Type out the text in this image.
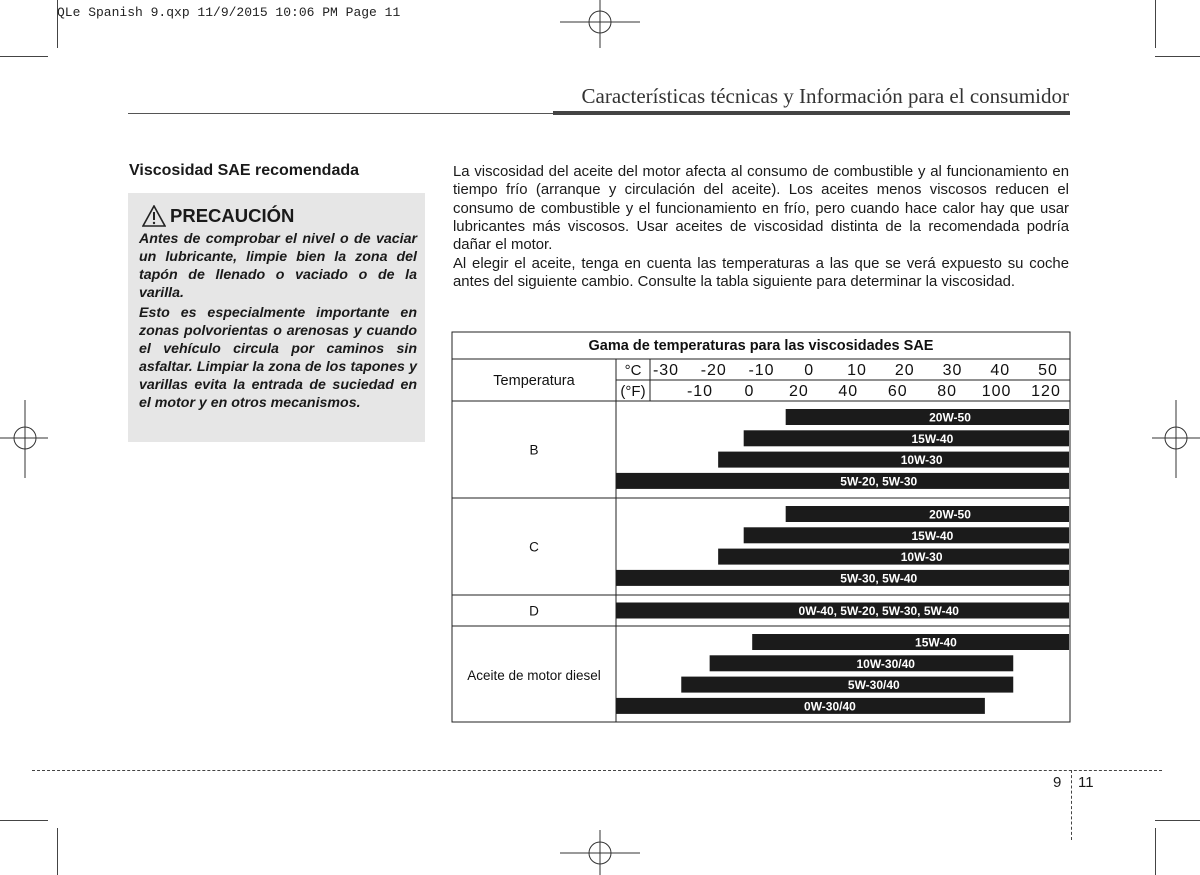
QLe Spanish 9.qxp 11/9/2015 10:06 PM Page 11
Características técnicas y Información para el consumidor
Viscosidad SAE recomendada
PRECAUCIÓN
Antes de comprobar el nivel o de vaciar un lubricante, limpie bien la zona del tapón de llenado o vaciado o de la varilla.
Esto es especialmente importante en zonas polvorientas o arenosas y cuando el vehículo circula por caminos sin asfaltar. Limpiar la zona de los tapones y varillas evita la entrada de suciedad en el motor y en otros mecanismos.
La viscosidad del aceite del motor afecta al consumo de combustible y al funcionamiento en tiempo frío (arranque y circulación del aceite). Los aceites menos viscosos reducen el consumo de combustible y el funcionamiento en frío, pero cuando hace calor hay que usar lubricantes más viscosos. Usar aceites de viscosidad distinta de la recomendada podría dañar el motor.
Al elegir el aceite, tenga en cuenta las temperaturas a las que se verá expuesto su coche antes del siguiente cambio. Consulte la tabla siguiente para determinar la viscosidad.
Gama de temperaturas para las viscosidades SAE
Temperatura
°C
(°F)
-30 -20 -10 0 10 20 30 40 50
-10 0 20 40 60 80 100 120
B
20W-50
15W-40
10W-30
5W-20, 5W-30
C
20W-50
15W-40
10W-30
5W-30, 5W-40
D	0W-40, 5W-20, 5W-30, 5W-40
Aceite de motor diesel
15W-40
10W-30/40
5W-30/40
0W-30/40
9 11
